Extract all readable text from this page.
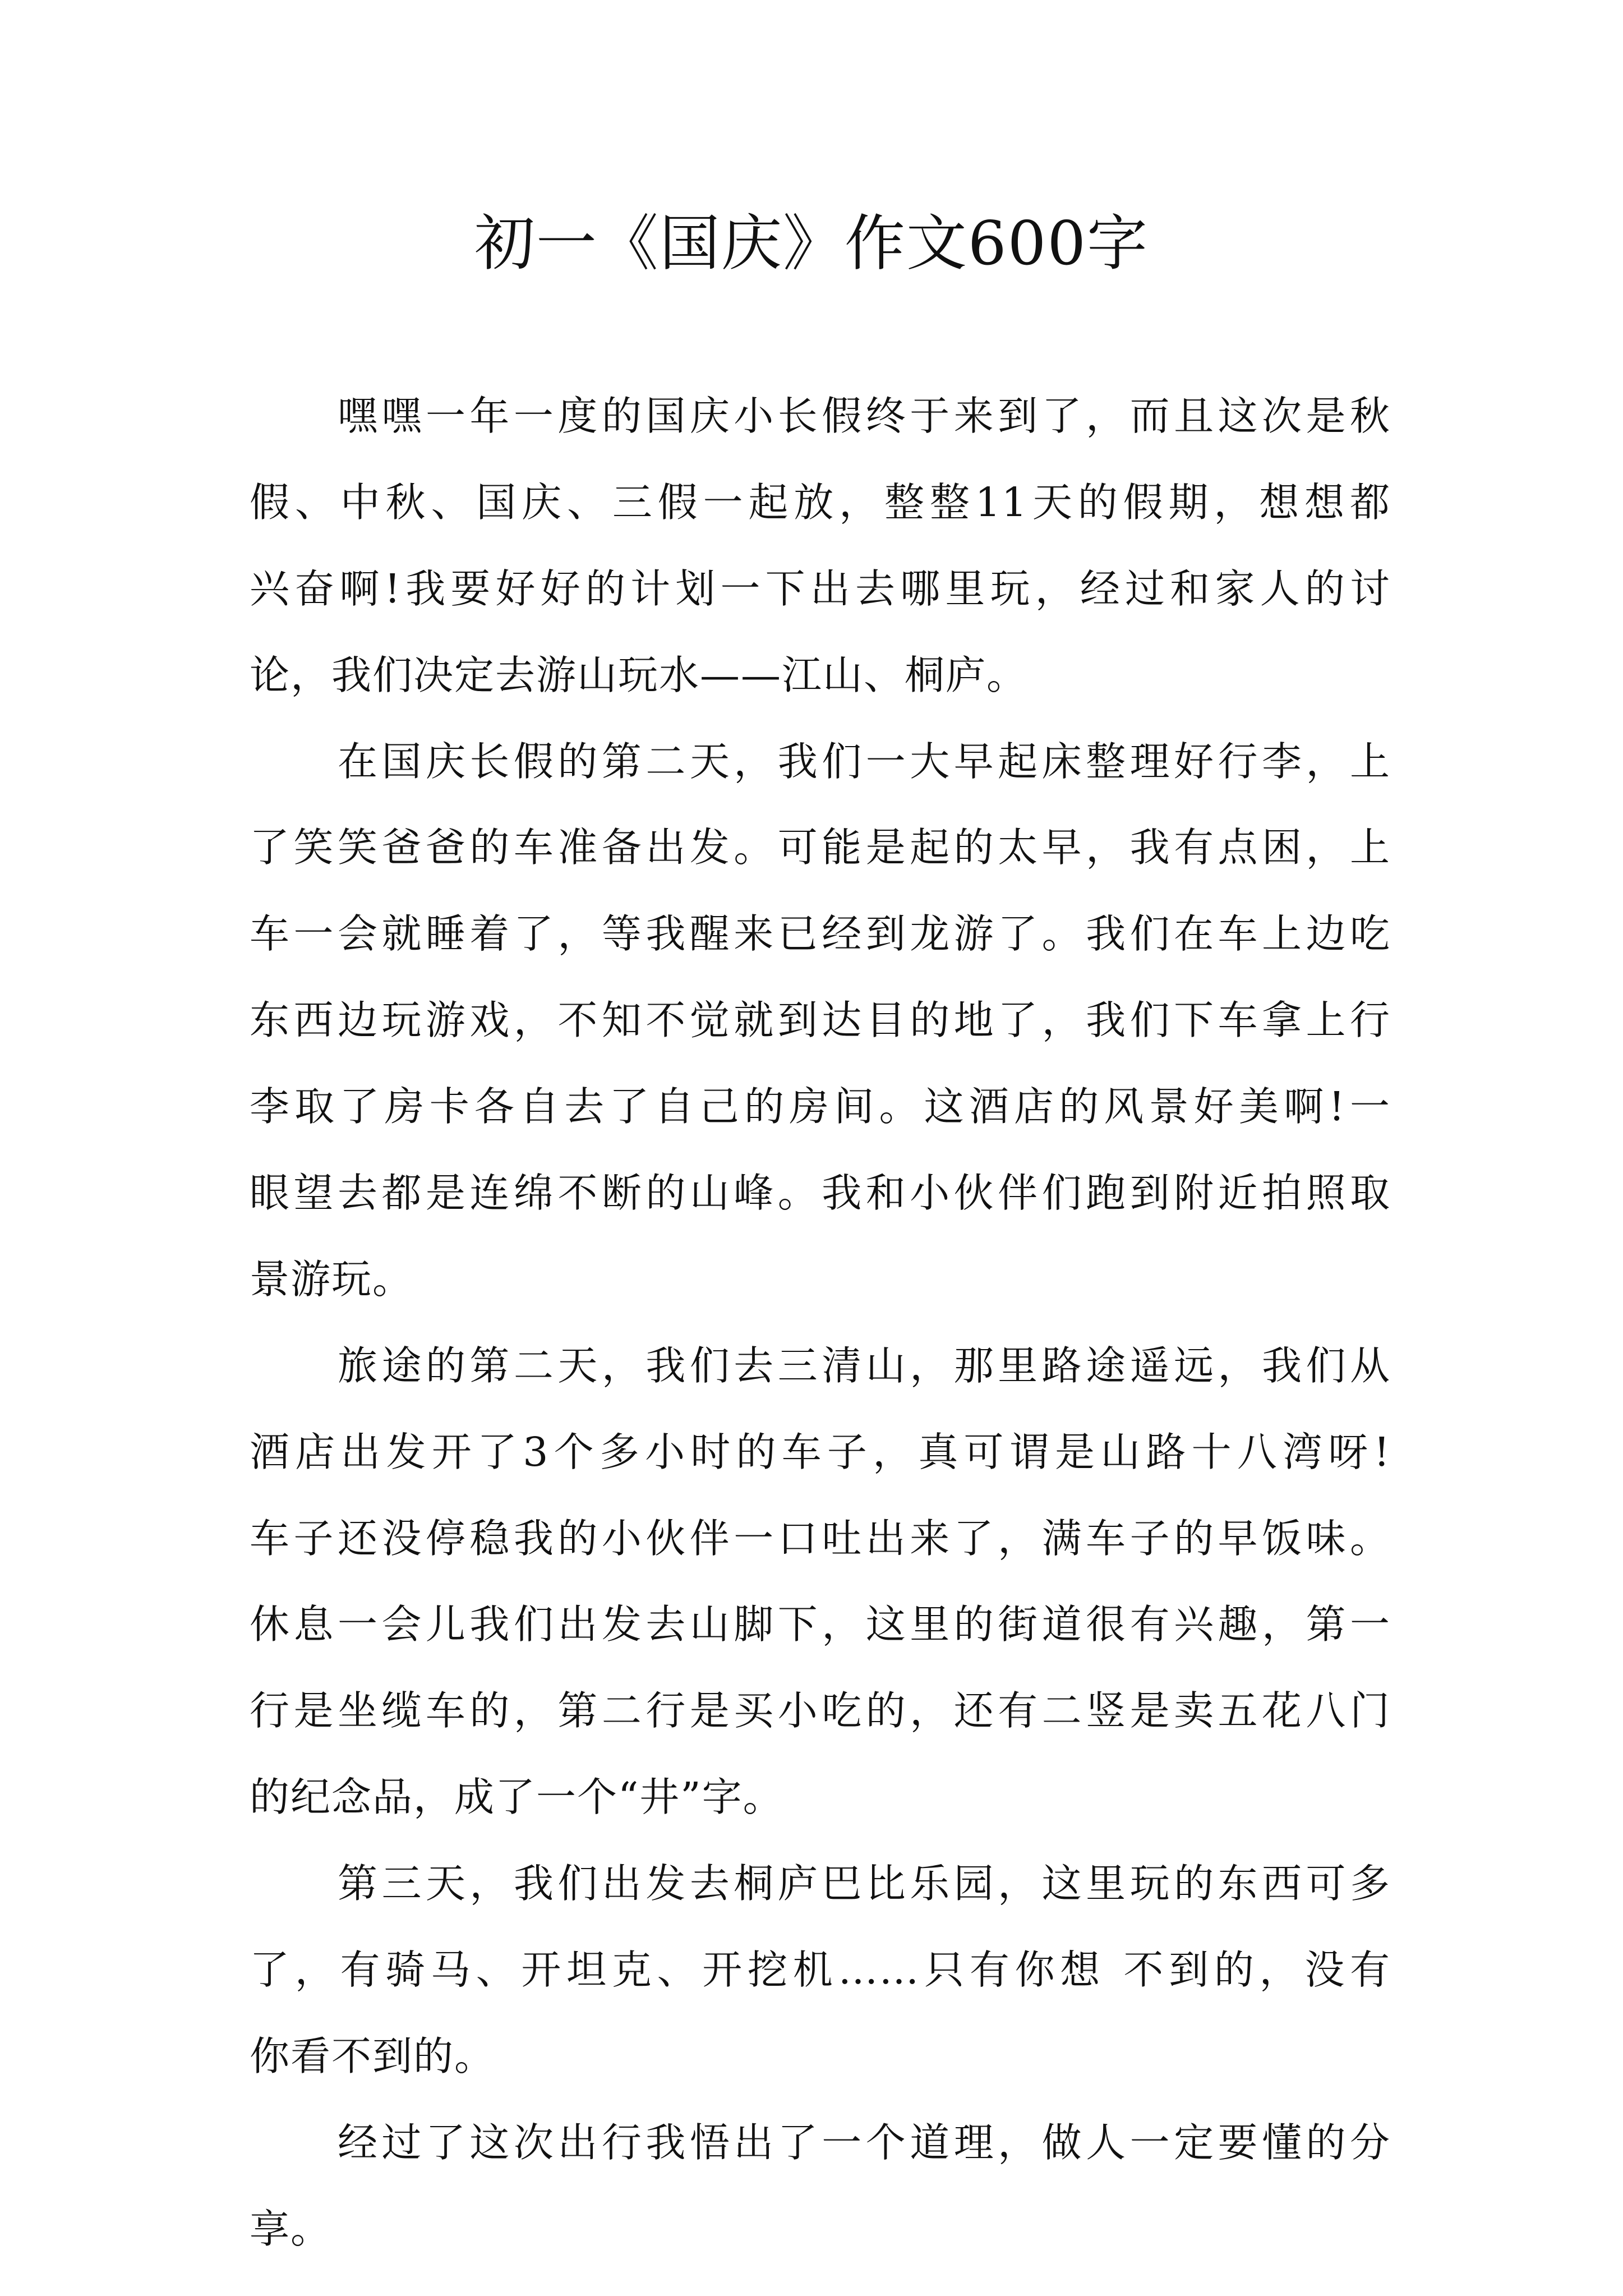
初一《国庆》作文600字
嘿嘿一年一度的国庆小长假终于来到了，而且这次是秋
假、中秋、国庆、三假一起放，整整11天的假期，想想都
兴奋啊!我要好好的计划一下出去哪里玩，经过和家人的讨
论，我们决定去游山玩水——江山、桐庐。
在国庆长假的第二天，我们一大早起床整理好行李，上
了笑笑爸爸的车准备出发。可能是起的太早，我有点困，上
车一会就睡着了，等我醒来已经到龙游了。我们在车上边吃
东西边玩游戏，不知不觉就到达目的地了，我们下车拿上行
李取了房卡各自去了自己的房间。这酒店的风景好美啊!一
眼望去都是连绵不断的山峰。我和小伙伴们跑到附近拍照取
景游玩。
旅途的第二天，我们去三清山，那里路途遥远，我们从
酒店出发开了3个多小时的车子，真可谓是山路十八湾呀!
车子还没停稳我的小伙伴一口吐出来了，满车子的早饭味。
休息一会儿我们出发去山脚下，这里的街道很有兴趣，第一
行是坐缆车的，第二行是买小吃的，还有二竖是卖五花八门
的纪念品，成了一个“井”字。
第三天，我们出发去桐庐巴比乐园，这里玩的东西可多
了，有骑马、开坦克、开挖机……只有你想 不到的，没有
你看不到的。
经过了这次出行我悟出了一个道理，做人一定要懂的分
享。
